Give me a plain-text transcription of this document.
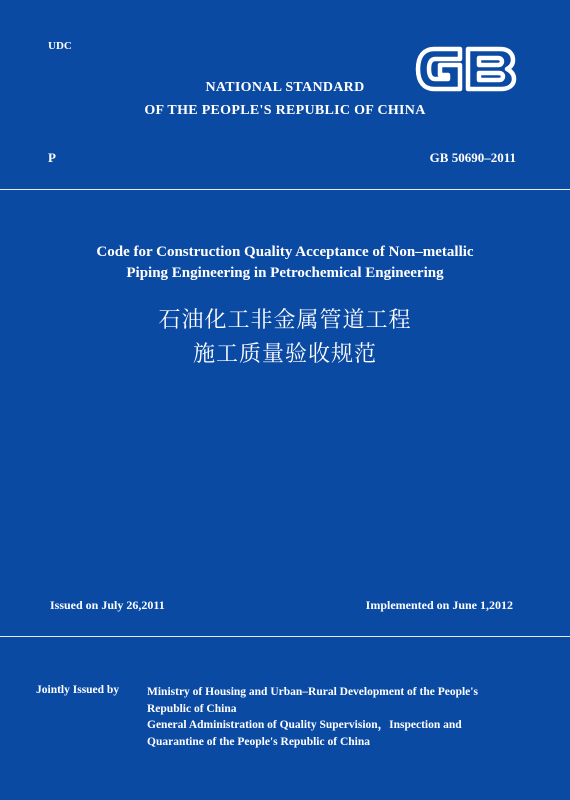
UDC
NATIONAL STANDARD
OF THE PEOPLE'S REPUBLIC OF CHINA
P	GB 50690–2011
Code for Construction Quality Acceptance of Non–metallic
Piping Engineering in Petrochemical Engineering
石油化工非金属管道工程
施工质量验收规范
Issued on July 26,2011	Implemented on June 1,2012
Jointly Issued by Ministry of Housing and Urban–Rural Development of the People's
Republic of China
General Administration of Quality Supervision，Inspection and
Quarantine of the People's Republic of China
